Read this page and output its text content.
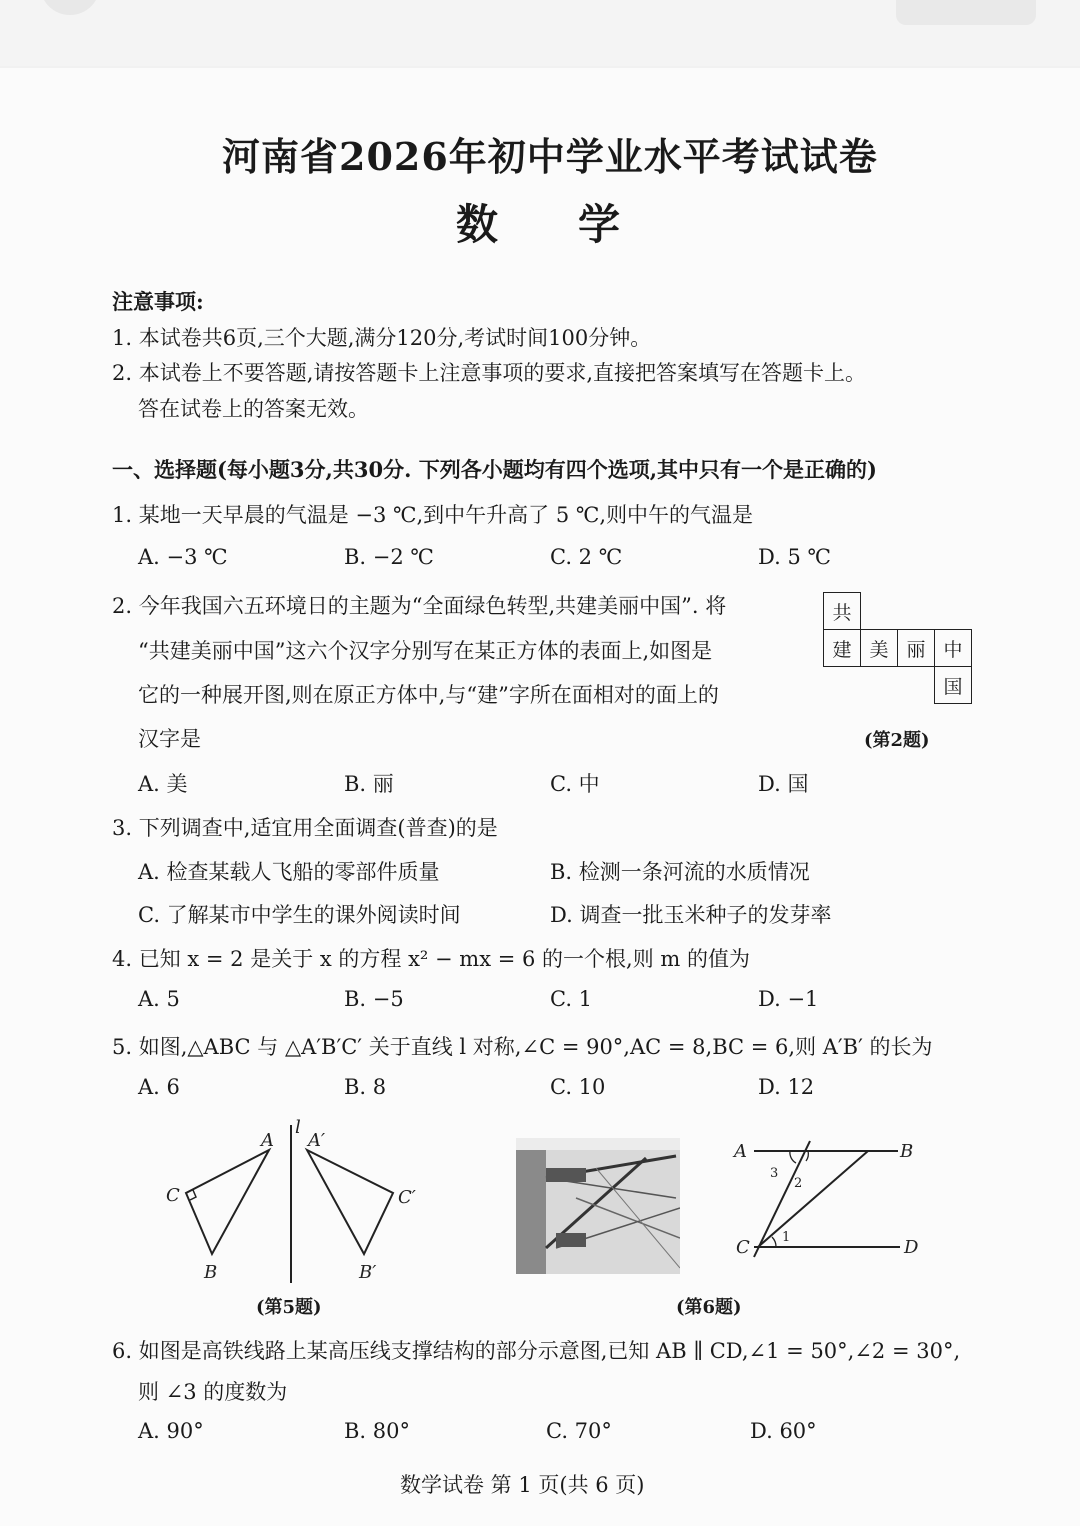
河南省2026年初中学业水平考试试卷
数学
注意事项:
1. 本试卷共6页,三个大题,满分120分,考试时间100分钟。
2. 本试卷上不要答题,请按答题卡上注意事项的要求,直接把答案填写在答题卡上。
答在试卷上的答案无效。
一、选择题(每小题3分,共30分. 下列各小题均有四个选项,其中只有一个是正确的)
1. 某地一天早晨的气温是 −3 ℃,到中午升高了 5 ℃,则中午的气温是
A. −3 ℃	B. −2 ℃	C. 2 ℃	D. 5 ℃
2. 今年我国六五环境日的主题为“全面绿色转型,共建美丽中国”. 将
“共建美丽中国”这六个汉字分别写在某正方体的表面上,如图是
它的一种展开图,则在原正方体中,与“建”字所在面相对的面上的
汉字是
共			
建	美	丽	中
			国
(第2题)
A. 美	B. 丽	C. 中	D. 国
3. 下列调查中,适宜用全面调查(普查)的是
A. 检查某载人飞船的零部件质量	B. 检测一条河流的水质情况
C. 了解某市中学生的课外阅读时间	D. 调查一批玉米种子的发芽率
4. 已知 x = 2 是关于 x 的方程 x² − mx = 6 的一个根,则 m 的值为
A. 5	B. −5	C. 1	D. −1
5. 如图,△ABC 与 △A′B′C′ 关于直线 l 对称,∠C = 90°,AC = 8,BC = 6,则 A′B′ 的长为
A. 6	B. 8	C. 10	D. 12
l
A A′
C	C′
B	B′
(第5题)
A	B
C	D
1
2
3
(第6题)
6. 如图是高铁线路上某高压线支撑结构的部分示意图,已知 AB ∥ CD,∠1 = 50°,∠2 = 30°,
则 ∠3 的度数为
A. 90°	B. 80°	C. 70°	D. 60°
数学试卷 第 1 页(共 6 页)
